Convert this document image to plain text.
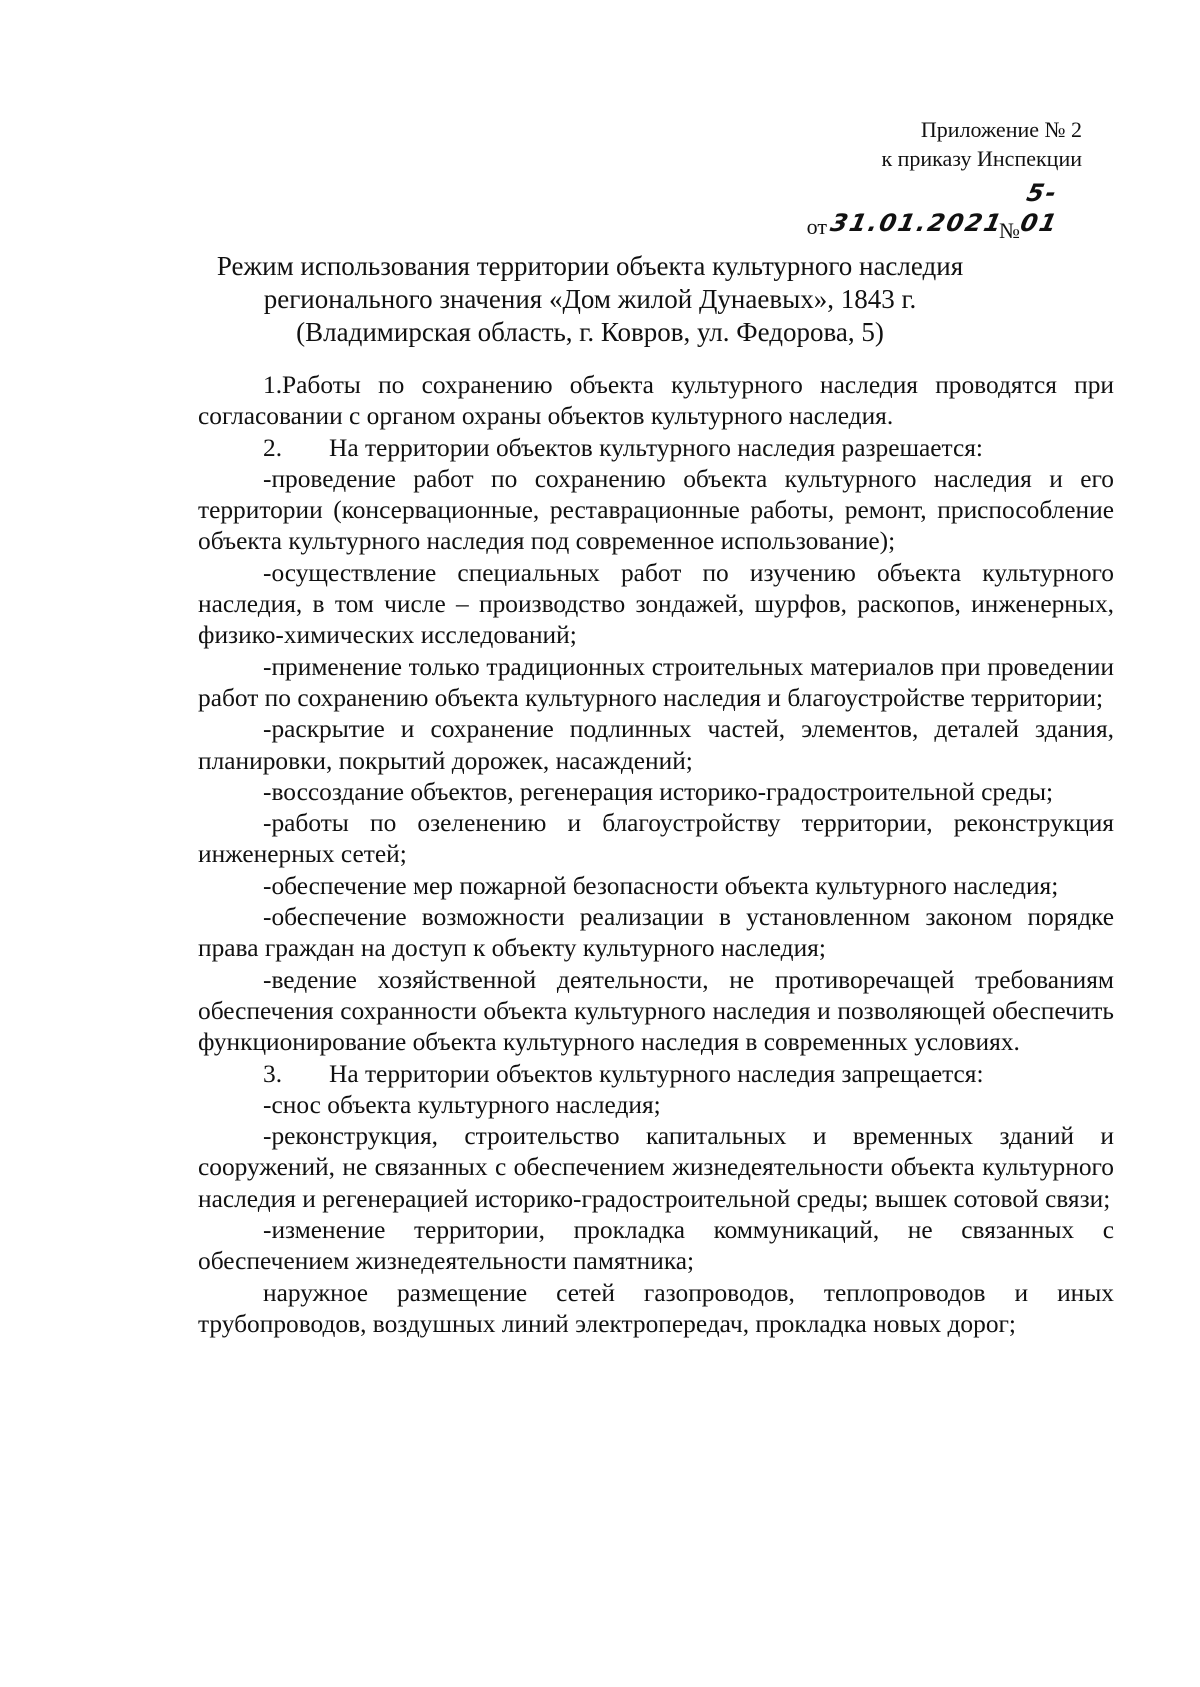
Приложение № 2
к приказу Инспекции
от 31.01.2021
№
5-01
Режим использования территории объекта культурного наследия
регионального значения «Дом жилой Дунаевых», 1843 г.
(Владимирская область, г. Ковров, ул. Федорова, 5)

1.Работы по сохранению объекта культурного наследия проводятся при согласовании с органом охраны объектов культурного наследия.

2.	На территории объектов культурного наследия разрешается:

-проведение работ по сохранению объекта культурного наследия и его территории (консервационные, реставрационные работы, ремонт, приспособление объекта культурного наследия под современное использование);

-осуществление специальных работ по изучению объекта культурного наследия, в том числе – производство зондажей, шурфов, раскопов, инженерных, физико-химических исследований;

-применение только традиционных строительных материалов при проведении работ по сохранению объекта культурного наследия и благоустройстве территории;

-раскрытие и сохранение подлинных частей, элементов, деталей здания, планировки, покрытий дорожек, насаждений;

-воссоздание объектов, регенерация историко-градостроительной среды;

-работы по озеленению и благоустройству территории, реконструкция инженерных сетей;

-обеспечение мер пожарной безопасности объекта культурного наследия;

-обеспечение возможности реализации в установленном законом порядке права граждан на доступ к объекту культурного наследия;

-ведение хозяйственной деятельности, не противоречащей требованиям обеспечения сохранности объекта культурного наследия и позволяющей обеспечить функционирование объекта культурного наследия в современных условиях.

3.	На территории объектов культурного наследия запрещается:

-снос объекта культурного наследия;

-реконструкция, строительство капитальных и временных зданий и сооружений, не связанных с обеспечением жизнедеятельности объекта культурного наследия и регенерацией историко-градостроительной среды; вышек сотовой связи;

-изменение территории, прокладка коммуникаций, не связанных с обеспечением жизнедеятельности памятника;

наружное размещение сетей газопроводов, теплопроводов и иных трубопроводов, воздушных линий электропередач, прокладка новых дорог;
